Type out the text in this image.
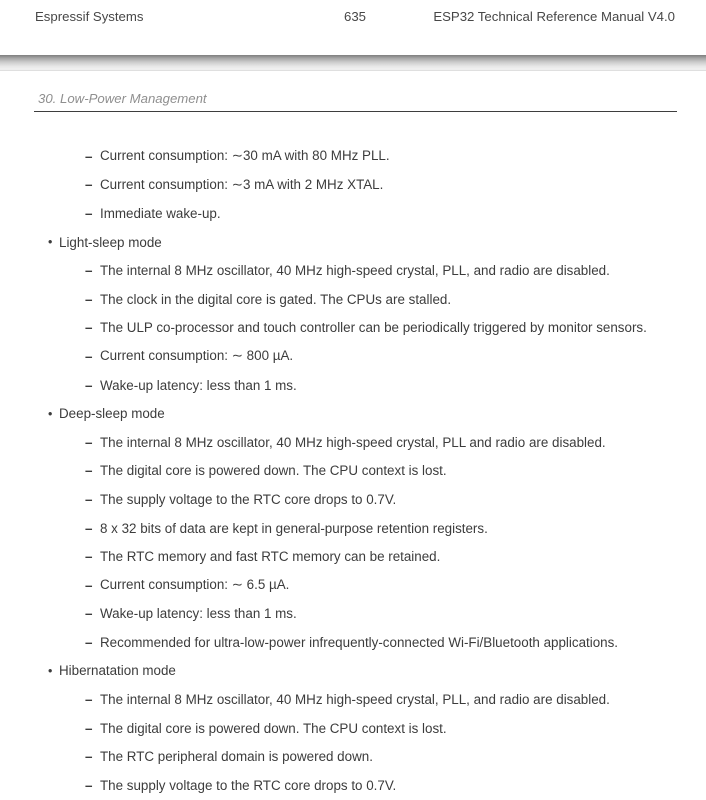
Espressif Systems	635	ESP32 Technical Reference Manual V4.0
30. Low-Power Management
– Current consumption: ∼30 mA with 80 MHz PLL.
– Current consumption: ∼3 mA with 2 MHz XTAL.
– Immediate wake-up.
• Light-sleep mode
– The internal 8 MHz oscillator, 40 MHz high-speed crystal, PLL, and radio are disabled.
– The clock in the digital core is gated. The CPUs are stalled.
– The ULP co-processor and touch controller can be periodically triggered by monitor sensors.
– Current consumption: ∼ 800 µA.
– Wake-up latency: less than 1 ms.
• Deep-sleep mode
– The internal 8 MHz oscillator, 40 MHz high-speed crystal, PLL and radio are disabled.
– The digital core is powered down. The CPU context is lost.
– The supply voltage to the RTC core drops to 0.7V.
– 8 x 32 bits of data are kept in general-purpose retention registers.
– The RTC memory and fast RTC memory can be retained.
– Current consumption: ∼ 6.5 µA.
– Wake-up latency: less than 1 ms.
– Recommended for ultra-low-power infrequently-connected Wi-Fi/Bluetooth applications.
• Hibernatation mode
– The internal 8 MHz oscillator, 40 MHz high-speed crystal, PLL, and radio are disabled.
– The digital core is powered down. The CPU context is lost.
– The RTC peripheral domain is powered down.
– The supply voltage to the RTC core drops to 0.7V.
